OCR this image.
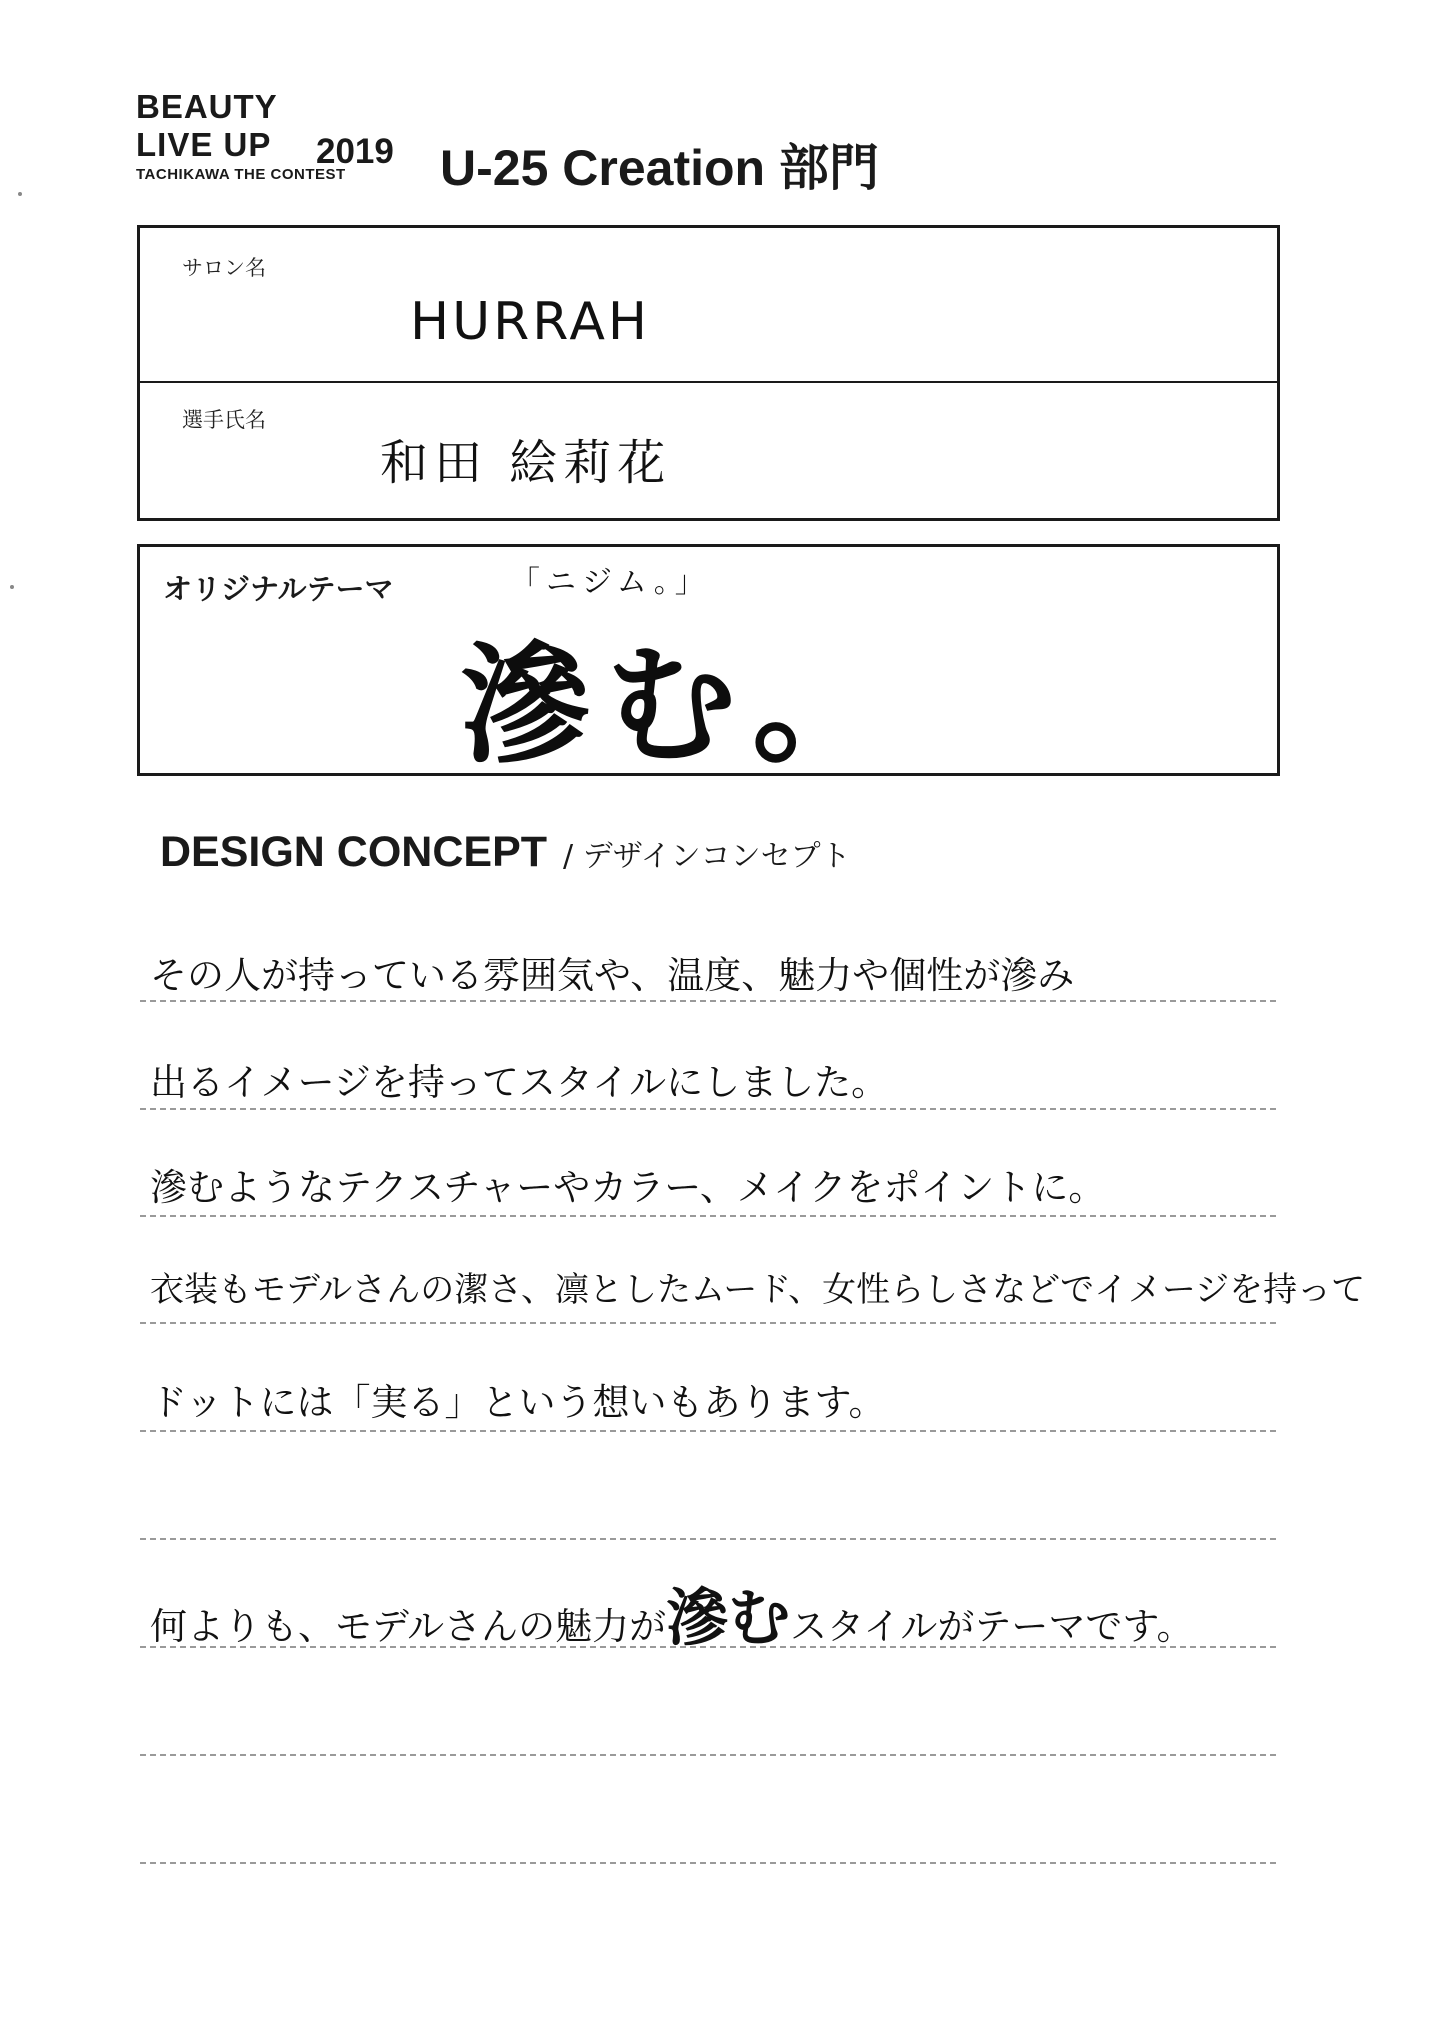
BEAUTY
LIVE UP	2019
TACHIKAWA THE CONTEST U-25 Creation 部門
サロン名
HURRAH
選手氏名
和田 絵莉花
オリジナルテーマ	「ニジム。」
滲む。
DESIGN CONCEPT / デザインコンセプト
その人が持っている雰囲気や、温度、魅力や個性が滲み
出るイメージを持ってスタイルにしました。
滲むようなテクスチャーやカラー、メイクをポイントに。
衣装もモデルさんの潔さ、凛としたムード、女性らしさなどでイメージを持って
ドットには「実る」という想いもあります。
何よりも、モデルさんの魅力が滲むスタイルがテーマです。
